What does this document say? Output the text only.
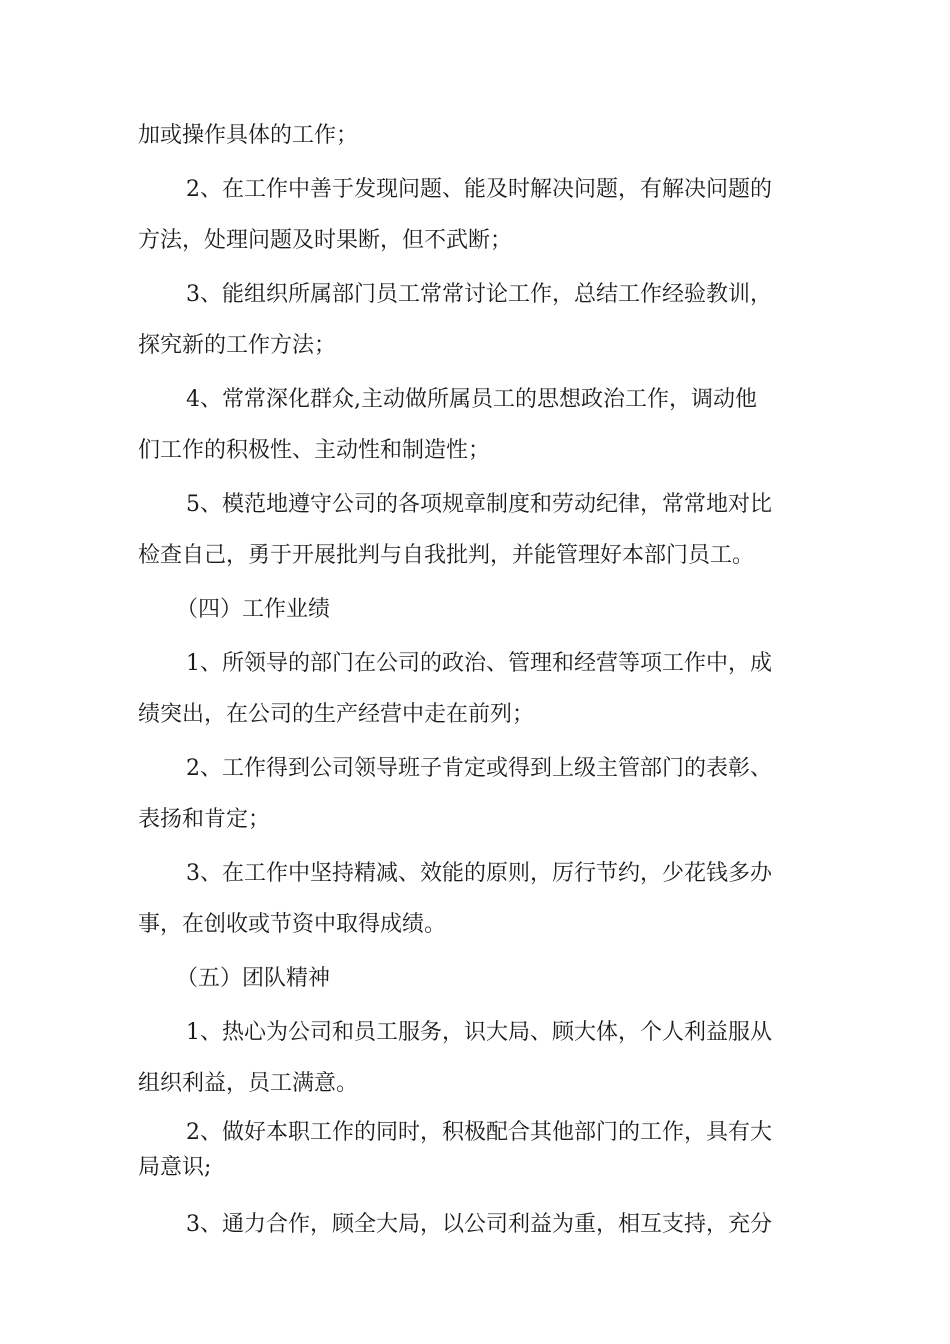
加或操作具体的工作；

2、在工作中善于发现问题、能及时解决问题，有解决问题的
方法，处理问题及时果断，但不武断；

3、能组织所属部门员工常常讨论工作，总结工作经验教训，
探究新的工作方法；

4、常常深化群众,主动做所属员工的思想政治工作，调动他
们工作的积极性、主动性和制造性；

5、模范地遵守公司的各项规章制度和劳动纪律，常常地对比
检查自己，勇于开展批判与自我批判，并能管理好本部门员工。

（四）工作业绩

1、所领导的部门在公司的政治、管理和经营等项工作中，成
绩突出，在公司的生产经营中走在前列；

2、工作得到公司领导班子肯定或得到上级主管部门的表彰、
表扬和肯定；

3、在工作中坚持精减、效能的原则，厉行节约，少花钱多办
事，在创收或节资中取得成绩。

（五）团队精神

1、热心为公司和员工服务，识大局、顾大体，个人利益服从
组织利益，员工满意。

2、做好本职工作的同时，积极配合其他部门的工作，具有大
局意识;

3、通力合作，顾全大局，以公司利益为重，相互支持，充分
